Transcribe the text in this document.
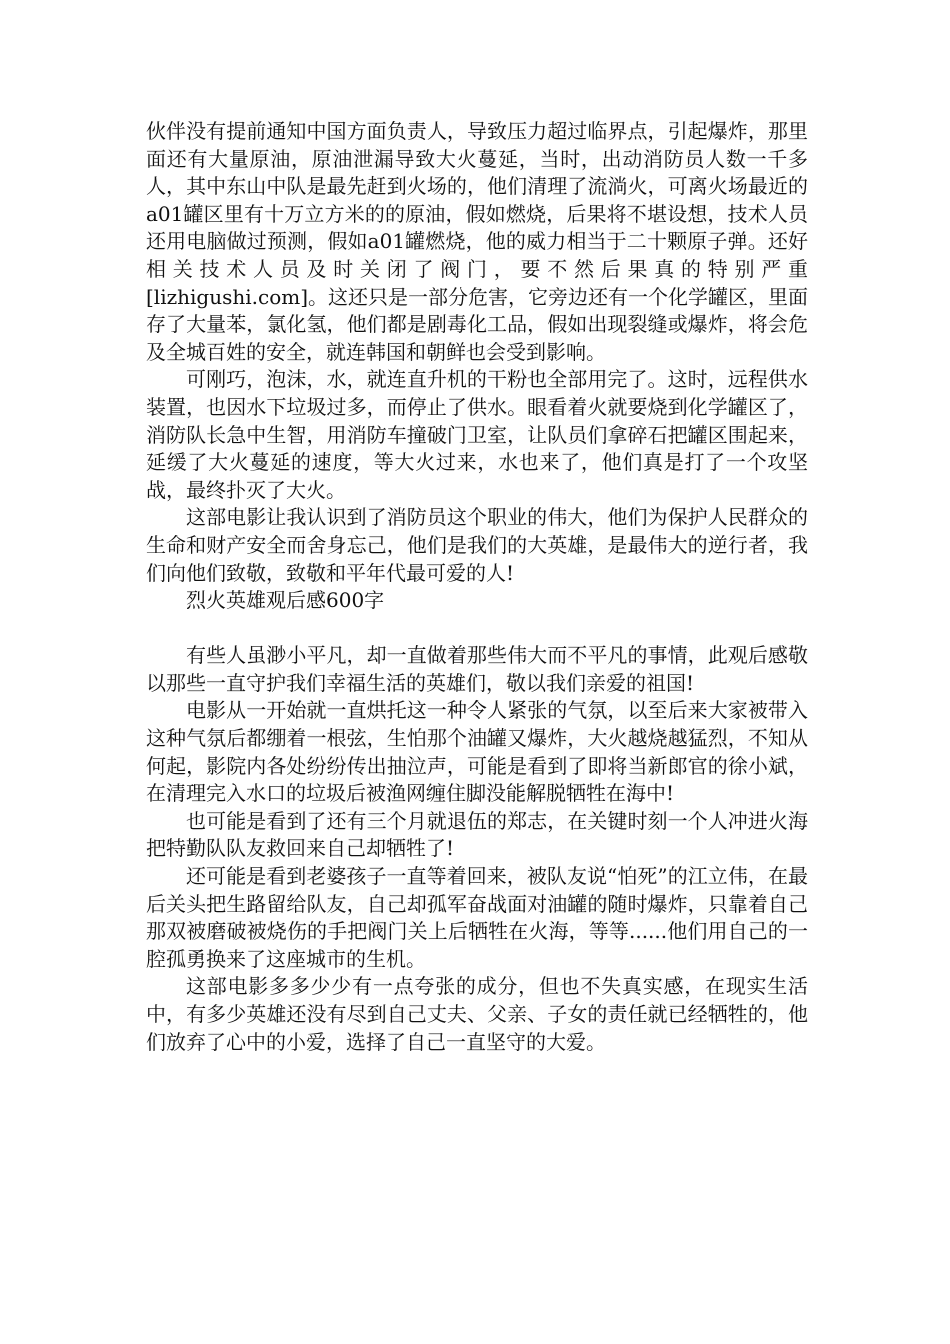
伙伴没有提前通知中国方面负责人，导致压力超过临界点，引起爆炸，那里面还有大量原油，原油泄漏导致大火蔓延，当时，出动消防员人数一千多人，其中东山中队是最先赶到火场的，他们清理了流淌火，可离火场最近的a01罐区里有十万立方米的的原油，假如燃烧，后果将不堪设想，技术人员还用电脑做过预测，假如a01罐燃烧，他的威力相当于二十颗原子弹。还好相关技术人员及时关闭了阀门，要不然后果真的特别严重[lizhigushi.com]。这还只是一部分危害，它旁边还有一个化学罐区，里面存了大量苯，氯化氢，他们都是剧毒化工品，假如出现裂缝或爆炸，将会危及全城百姓的安全，就连韩国和朝鲜也会受到影响。

可刚巧，泡沫，水，就连直升机的干粉也全部用完了。这时，远程供水装置，也因水下垃圾过多，而停止了供水。眼看着火就要烧到化学罐区了，消防队长急中生智，用消防车撞破门卫室，让队员们拿碎石把罐区围起来，延缓了大火蔓延的速度，等大火过来，水也来了，他们真是打了一个攻坚战，最终扑灭了大火。

这部电影让我认识到了消防员这个职业的伟大，他们为保护人民群众的生命和财产安全而舍身忘己，他们是我们的大英雄，是最伟大的逆行者，我们向他们致敬，致敬和平年代最可爱的人!

烈火英雄观后感600字

有些人虽渺小平凡，却一直做着那些伟大而不平凡的事情，此观后感敬以那些一直守护我们幸福生活的英雄们，敬以我们亲爱的祖国!

电影从一开始就一直烘托这一种令人紧张的气氛，以至后来大家被带入这种气氛后都绷着一根弦，生怕那个油罐又爆炸，大火越烧越猛烈，不知从何起，影院内各处纷纷传出抽泣声，可能是看到了即将当新郎官的徐小斌，在清理完入水口的垃圾后被渔网缠住脚没能解脱牺牲在海中!

也可能是看到了还有三个月就退伍的郑志，在关键时刻一个人冲进火海把特勤队队友救回来自己却牺牲了!

还可能是看到老婆孩子一直等着回来，被队友说“怕死”的江立伟，在最后关头把生路留给队友，自己却孤军奋战面对油罐的随时爆炸，只靠着自己那双被磨破被烧伤的手把阀门关上后牺牲在火海，等等......他们用自己的一腔孤勇换来了这座城市的生机。

这部电影多多少少有一点夸张的成分，但也不失真实感，在现实生活中，有多少英雄还没有尽到自己丈夫、父亲、子女的责任就已经牺牲的，他们放弃了心中的小爱，选择了自己一直坚守的大爱。
